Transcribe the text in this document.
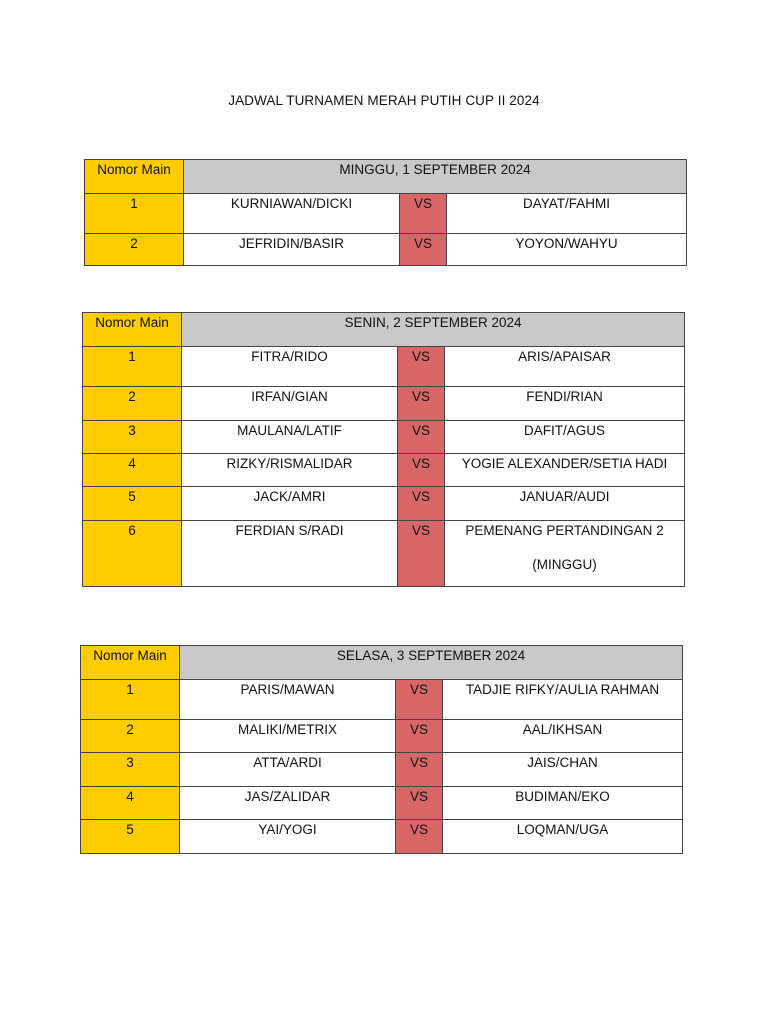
JADWAL TURNAMEN MERAH PUTIH CUP II 2024
Nomor Main	MINGGU, 1 SEPTEMBER 2024		

1	KURNIAWAN/DICKI	VS	DAYAT/FAHMI

2	JEFRIDIN/BASIR	VS	YOYON/WAHYU
Nomor Main	SENIN, 2 SEPTEMBER 2024		

1	FITRA/RIDO	VS	ARIS/APAISAR

2	IRFAN/GIAN	VS	FENDI/RIAN

3	MAULANA/LATIF	VS	DAFIT/AGUS

4	RIZKY/RISMALIDAR	VS	YOGIE ALEXANDER/SETIA HADI

5	JACK/AMRI	VS	JANUAR/AUDI

6	FERDIAN S/RADI	VS	PEMENANG PERTANDINGAN 2
(MINGGU)
Nomor Main	SELASA, 3 SEPTEMBER 2024		

1	PARIS/MAWAN	VS	TADJIE RIFKY/AULIA RAHMAN

2	MALIKI/METRIX	VS	AAL/IKHSAN

3	ATTA/ARDI	VS	JAIS/CHAN

4	JAS/ZALIDAR	VS	BUDIMAN/EKO

5	YAI/YOGI	VS	LOQMAN/UGA
